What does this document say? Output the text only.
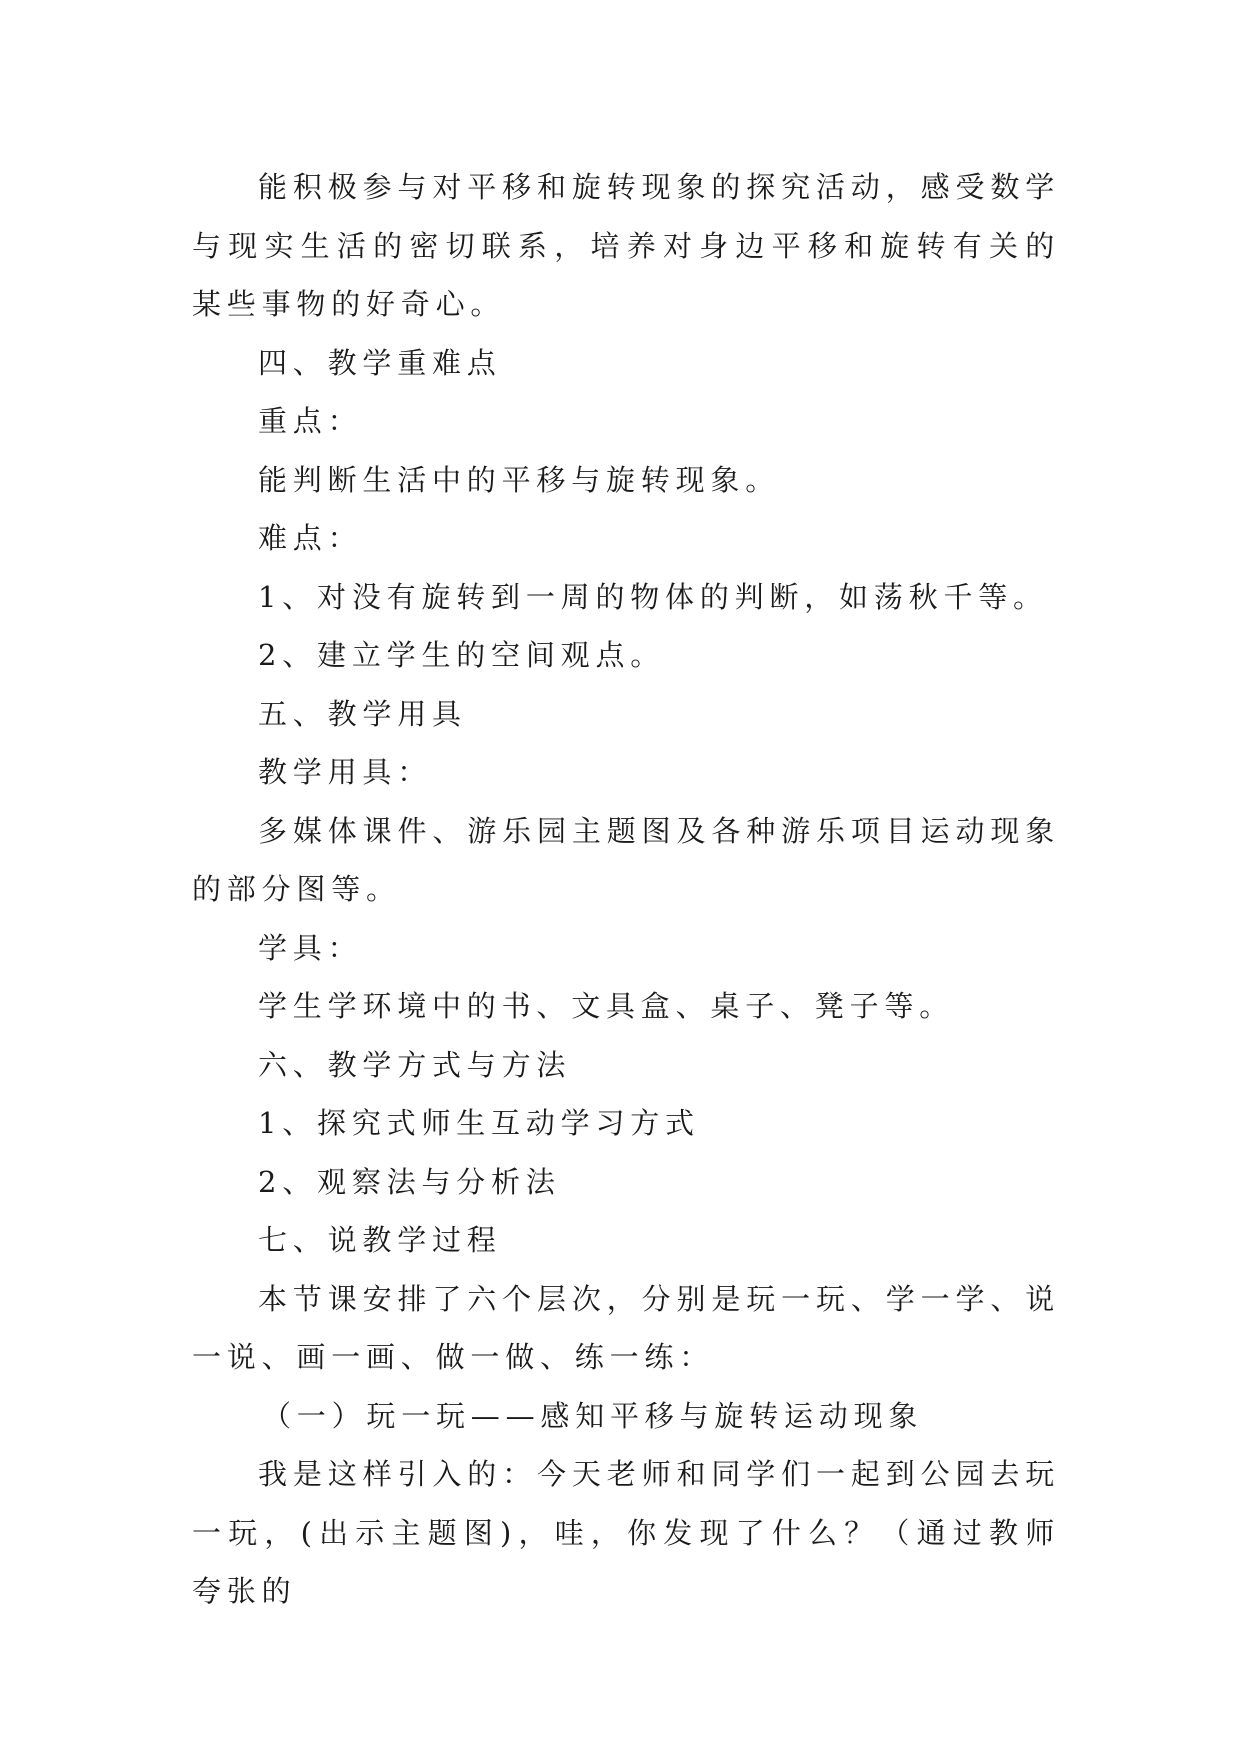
能积极参与对平移和旋转现象的探究活动，感受数学与现实生活的密切联系，培养对身边平移和旋转有关的某些事物的好奇心。

四、教学重难点

重点：

能判断生活中的平移与旋转现象。

难点：

1、对没有旋转到一周的物体的判断，如荡秋千等。

2、建立学生的空间观点。

五、教学用具

教学用具：

多媒体课件、游乐园主题图及各种游乐项目运动现象的部分图等。

学具：

学生学环境中的书、文具盒、桌子、凳子等。

六、教学方式与方法

1、探究式师生互动学习方式

2、观察法与分析法

七、说教学过程

本节课安排了六个层次，分别是玩一玩、学一学、说一说、画一画、做一做、练一练：

（一）玩一玩——感知平移与旋转运动现象

我是这样引入的：今天老师和同学们一起到公园去玩一玩，(出示主题图)，哇，你发现了什么？（通过教师夸张的
